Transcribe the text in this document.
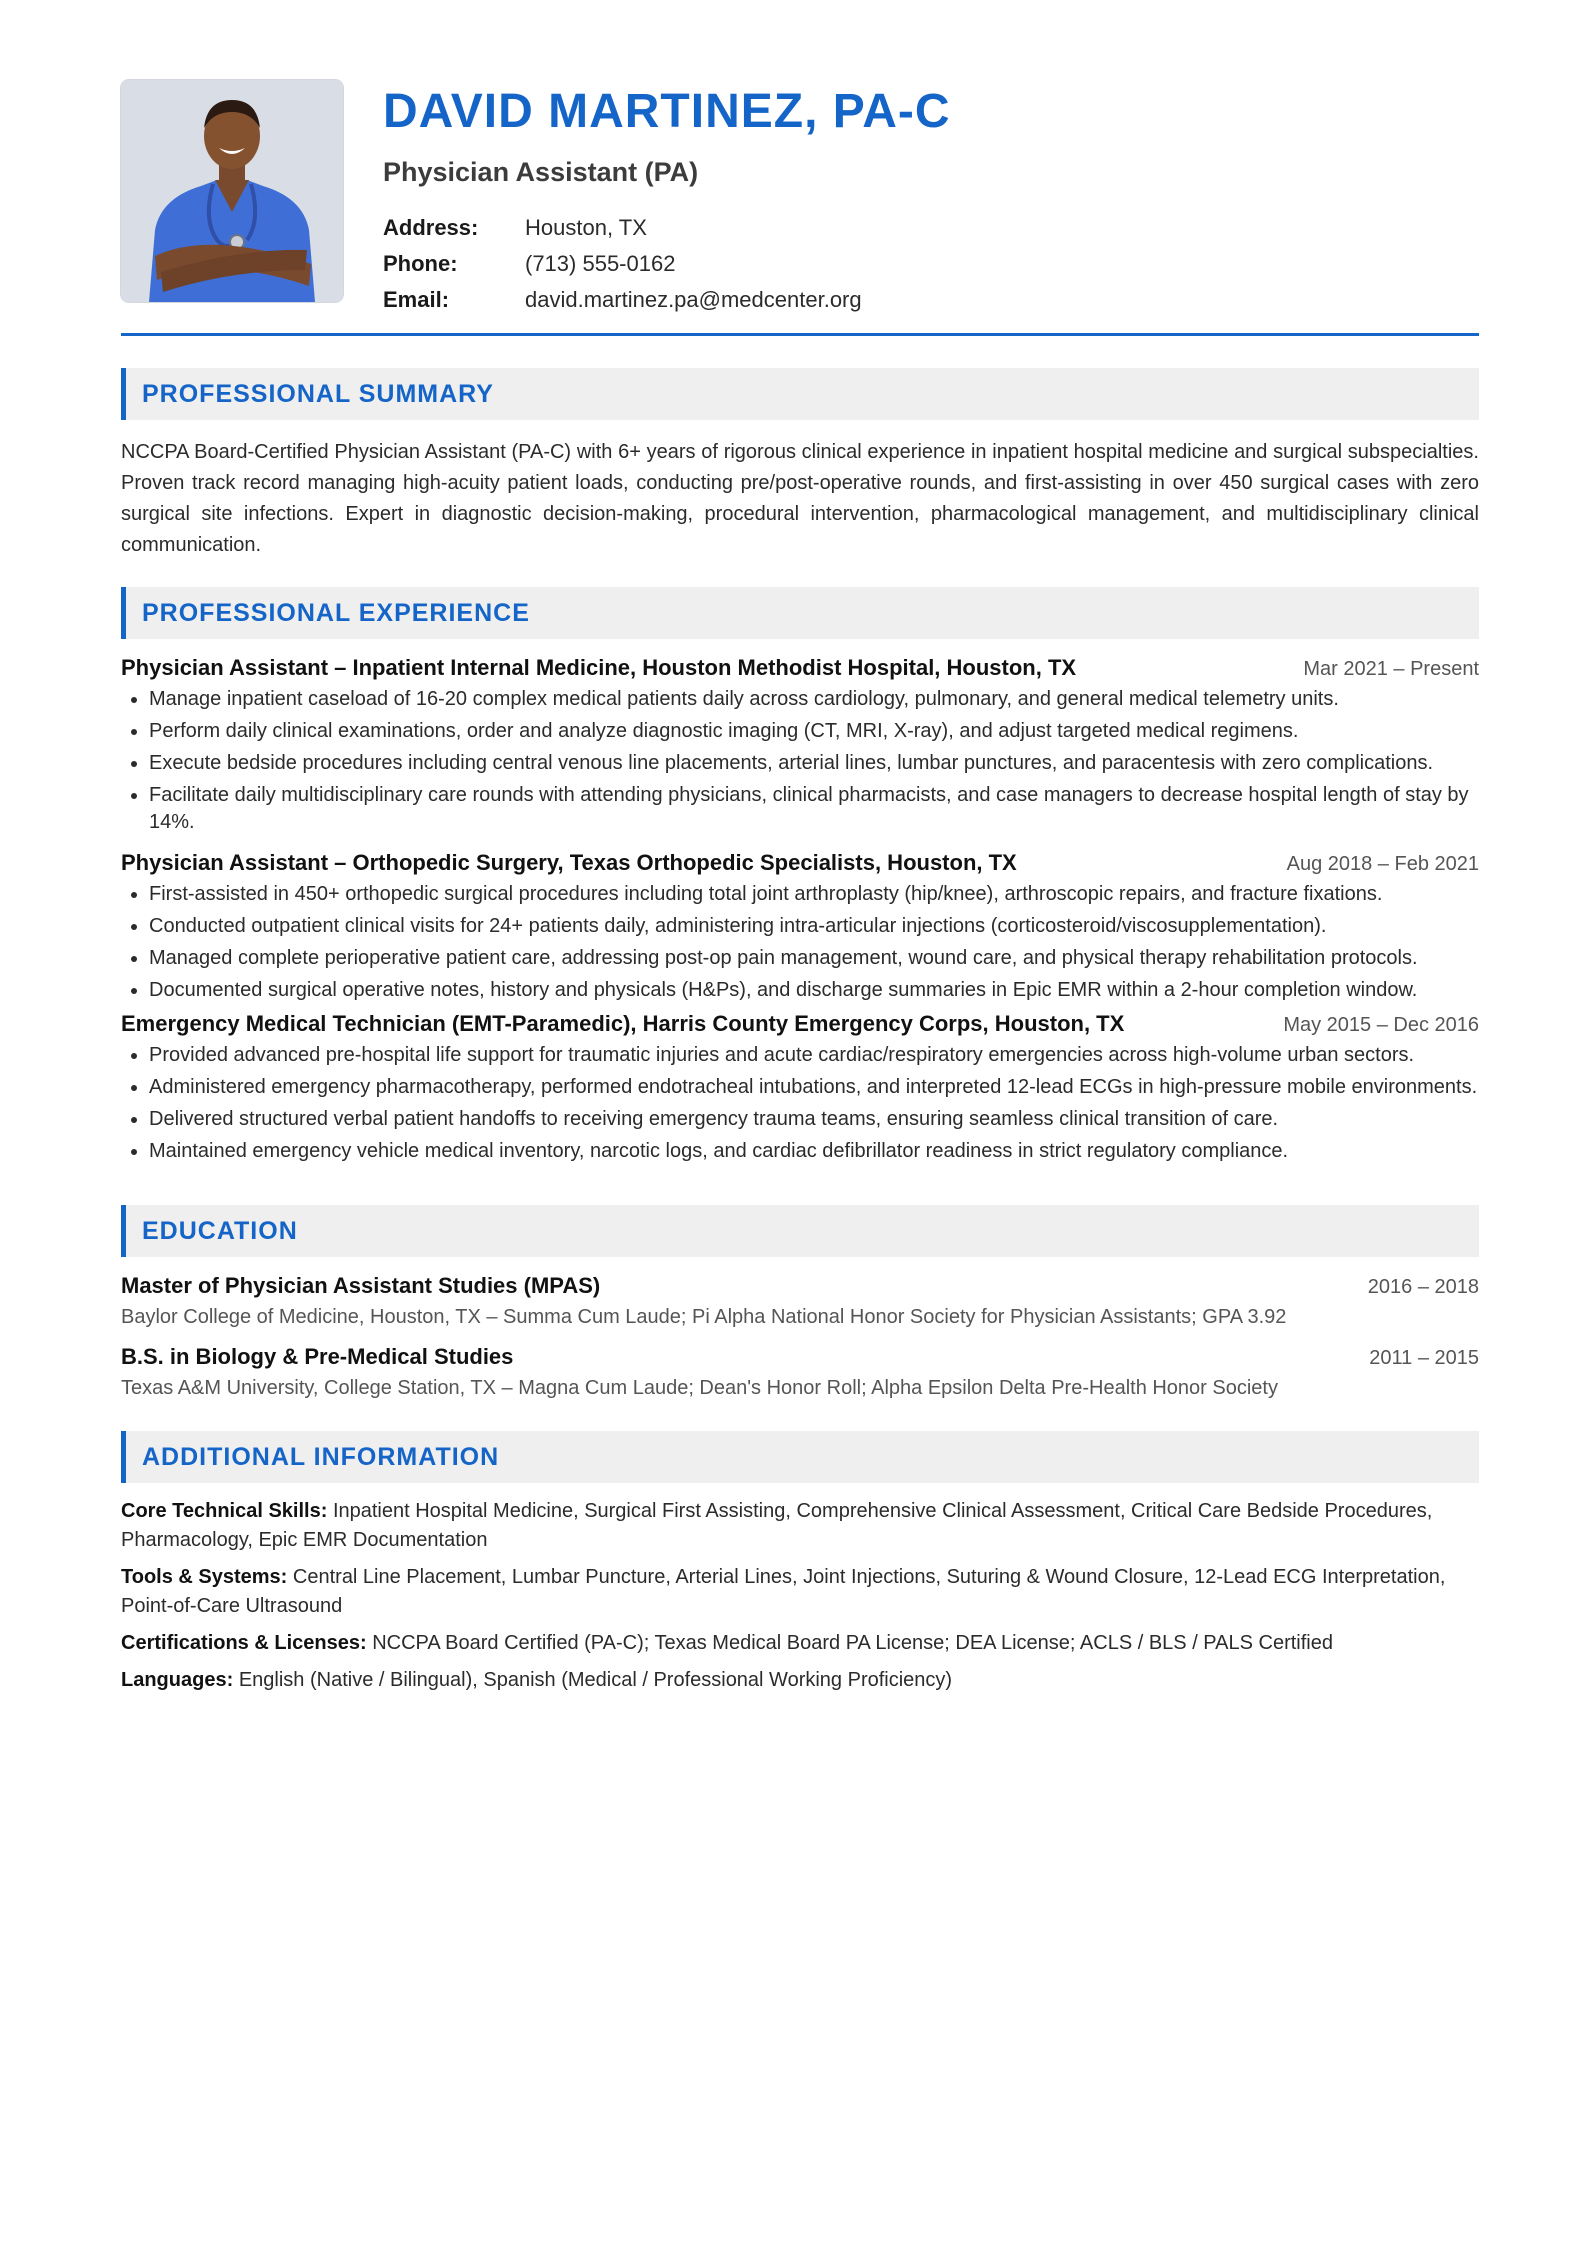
DAVID MARTINEZ, PA-C
Physician Assistant (PA)
Address:	Houston, TX
Phone:	(713) 555-0162
Email:	david.martinez.pa@medcenter.org
PROFESSIONAL SUMMARY
NCCPA Board-Certified Physician Assistant (PA-C) with 6+ years of rigorous clinical experience in inpatient hospital medicine and surgical subspecialties. Proven track record managing high-acuity patient loads, conducting pre/post-operative rounds, and first-assisting in over 450 surgical cases with zero surgical site infections. Expert in diagnostic decision-making, procedural intervention, pharmacological management, and multidisciplinary clinical communication.
PROFESSIONAL EXPERIENCE
Physician Assistant – Inpatient Internal Medicine, Houston Methodist Hospital, Houston, TX	Mar 2021 – Present
• Manage inpatient caseload of 16-20 complex medical patients daily across cardiology, pulmonary, and general medical telemetry units.
• Perform daily clinical examinations, order and analyze diagnostic imaging (CT, MRI, X-ray), and adjust targeted medical regimens.
• Execute bedside procedures including central venous line placements, arterial lines, lumbar punctures, and paracentesis with zero complications.
• Facilitate daily multidisciplinary care rounds with attending physicians, clinical pharmacists, and case managers to decrease hospital length of stay by 14%.
Physician Assistant – Orthopedic Surgery, Texas Orthopedic Specialists, Houston, TX	Aug 2018 – Feb 2021
• First-assisted in 450+ orthopedic surgical procedures including total joint arthroplasty (hip/knee), arthroscopic repairs, and fracture fixations.
• Conducted outpatient clinical visits for 24+ patients daily, administering intra-articular injections (corticosteroid/viscosupplementation).
• Managed complete perioperative patient care, addressing post-op pain management, wound care, and physical therapy rehabilitation protocols.
• Documented surgical operative notes, history and physicals (H&Ps), and discharge summaries in Epic EMR within a 2-hour completion window.
Emergency Medical Technician (EMT-Paramedic), Harris County Emergency Corps, Houston, TX	May 2015 – Dec 2016
• Provided advanced pre-hospital life support for traumatic injuries and acute cardiac/respiratory emergencies across high-volume urban sectors.
• Administered emergency pharmacotherapy, performed endotracheal intubations, and interpreted 12-lead ECGs in high-pressure mobile environments.
• Delivered structured verbal patient handoffs to receiving emergency trauma teams, ensuring seamless clinical transition of care.
• Maintained emergency vehicle medical inventory, narcotic logs, and cardiac defibrillator readiness in strict regulatory compliance.
EDUCATION
Master of Physician Assistant Studies (MPAS)	2016 – 2018
Baylor College of Medicine, Houston, TX – Summa Cum Laude; Pi Alpha National Honor Society for Physician Assistants; GPA 3.92
B.S. in Biology & Pre-Medical Studies	2011 – 2015
Texas A&M University, College Station, TX – Magna Cum Laude; Dean's Honor Roll; Alpha Epsilon Delta Pre-Health Honor Society
ADDITIONAL INFORMATION
Core Technical Skills: Inpatient Hospital Medicine, Surgical First Assisting, Comprehensive Clinical Assessment, Critical Care Bedside Procedures, Pharmacology, Epic EMR Documentation
Tools & Systems: Central Line Placement, Lumbar Puncture, Arterial Lines, Joint Injections, Suturing & Wound Closure, 12-Lead ECG Interpretation, Point-of-Care Ultrasound
Certifications & Licenses: NCCPA Board Certified (PA-C); Texas Medical Board PA License; DEA License; ACLS / BLS / PALS Certified
Languages: English (Native / Bilingual), Spanish (Medical / Professional Working Proficiency)
